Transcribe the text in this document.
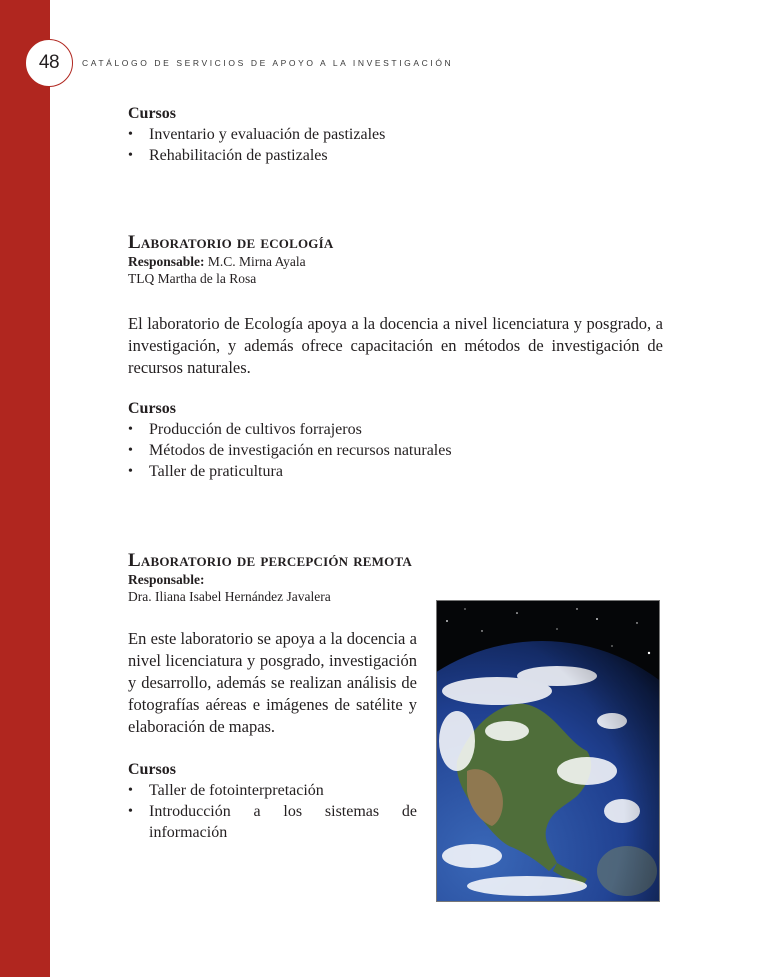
48	CATÁLOGO DE SERVICIOS DE APOYO A LA INVESTIGACIÓN
Cursos
• Inventario y evaluación de pastizales
• Rehabilitación de pastizales
Laboratorio de ecología
Responsable: M.C. Mirna Ayala
TLQ Martha de la Rosa
El laboratorio de Ecología apoya a la docencia a nivel licenciatura y posgrado, a investigación, y además ofrece capacitación en métodos de investigación de recursos naturales.
Cursos
• Producción de cultivos forrajeros
• Métodos de investigación en recursos naturales
• Taller de praticultura
Laboratorio de percepción remota
Responsable:
Dra. Iliana Isabel Hernández Javalera
En este laboratorio se apoya a la docencia a nivel licenciatura y posgrado, investigación y desarrollo, además se realizan análisis de fotografías aéreas e imágenes de satélite y elaboración de mapas.
Cursos
• Taller de fotointerpretación
• Introducción a los sistemas de información
